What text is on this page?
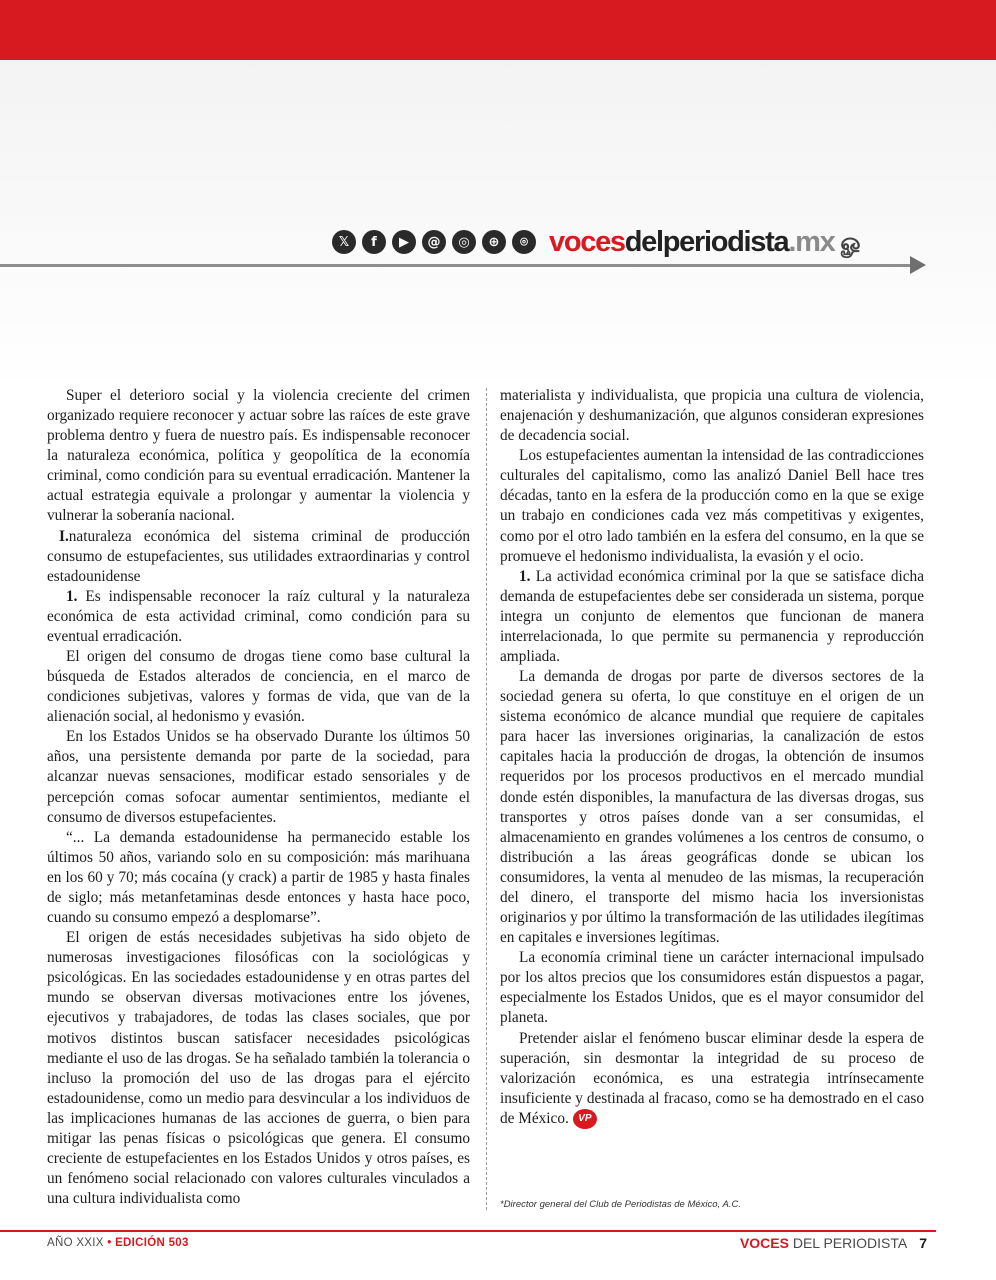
𝕏	f	▶	@	◎	⊕	⌾ vocesdelperiodista.mx ௐ

Super el deterioro social y la violencia creciente del crimen organizado requiere reconocer y actuar sobre las raíces de este grave problema dentro y fuera de nuestro país. Es indispensable reconocer la naturaleza económica, política y geopolítica de la economía criminal, como condición para su eventual erradicación. Mantener la actual estrategia equivale a prolongar y aumentar la violencia y vulnerar la soberanía nacional.

I.naturaleza económica del sistema criminal de producción consumo de estupefacientes, sus utilidades extraordinarias y control estadounidense

1. Es indispensable reconocer la raíz cultural y la naturaleza económica de esta actividad criminal, como condición para su eventual erradicación.

El origen del consumo de drogas tiene como base cultural la búsqueda de Estados alterados de conciencia, en el marco de condiciones subjetivas, valores y formas de vida, que van de la alienación social, al hedonismo y evasión.

En los Estados Unidos se ha observado Durante los últimos 50 años, una persistente demanda por parte de la sociedad, para alcanzar nuevas sensaciones, modificar estado sensoriales y de percepción comas sofocar aumentar sentimientos, mediante el consumo de diversos estupefacientes.

“... La demanda estadounidense ha permanecido estable los últimos 50 años, variando solo en su composición: más marihuana en los 60 y 70; más cocaína (y crack) a partir de 1985 y hasta finales de siglo; más metanfetaminas desde entonces y hasta hace poco, cuando su consumo empezó a desplomarse”.

El origen de estás necesidades subjetivas ha sido objeto de numerosas investigaciones filosóficas con la sociológicas y psicológicas. En las sociedades estadounidense y en otras partes del mundo se observan diversas motivaciones entre los jóvenes, ejecutivos y trabajadores, de todas las clases sociales, que por motivos distintos buscan satisfacer necesidades psicológicas mediante el uso de las drogas. Se ha señalado también la tolerancia o incluso la promoción del uso de las drogas para el ejército estadounidense, como un medio para desvincular a los individuos de las implicaciones humanas de las acciones de guerra, o bien para mitigar las penas físicas o psicológicas que genera. El consumo creciente de estupefacientes en los Estados Unidos y otros países, es un fenómeno social relacionado con valores culturales vinculados a una cultura individualista como

materialista y individualista, que propicia una cultura de violencia, enajenación y deshumanización, que algunos consideran expresiones de decadencia social.

Los estupefacientes aumentan la intensidad de las contradicciones culturales del capitalismo, como las analizó Daniel Bell hace tres décadas, tanto en la esfera de la producción como en la que se exige un trabajo en condiciones cada vez más competitivas y exigentes, como por el otro lado también en la esfera del consumo, en la que se promueve el hedonismo individualista, la evasión y el ocio.

1. La actividad económica criminal por la que se satisface dicha demanda de estupefacientes debe ser considerada un sistema, porque integra un conjunto de elementos que funcionan de manera interrelacionada, lo que permite su permanencia y reproducción ampliada.

La demanda de drogas por parte de diversos sectores de la sociedad genera su oferta, lo que constituye en el origen de un sistema económico de alcance mundial que requiere de capitales para hacer las inversiones originarias, la canalización de estos capitales hacia la producción de drogas, la obtención de insumos requeridos por los procesos productivos en el mercado mundial donde estén disponibles, la manufactura de las diversas drogas, sus transportes y otros países donde van a ser consumidas, el almacenamiento en grandes volúmenes a los centros de consumo, o distribución a las áreas geográficas donde se ubican los consumidores, la venta al menudeo de las mismas, la recuperación del dinero, el transporte del mismo hacia los inversionistas originarios y por último la transformación de las utilidades ilegítimas en capitales e inversiones legítimas.

La economía criminal tiene un carácter internacional impulsado por los altos precios que los consumidores están dispuestos a pagar, especialmente los Estados Unidos, que es el mayor consumidor del planeta.

Pretender aislar el fenómeno buscar eliminar desde la espera de superación, sin desmontar la integridad de su proceso de valorización económica, es una estrategia intrínsecamente insuficiente y destinada al fracaso, como se ha demostrado en el caso de México. VP

*Director general del Club de Periodistas de México, A.C.
AÑO XXIX • EDICIÓN 503	VOCES DEL PERIODISTA 7
